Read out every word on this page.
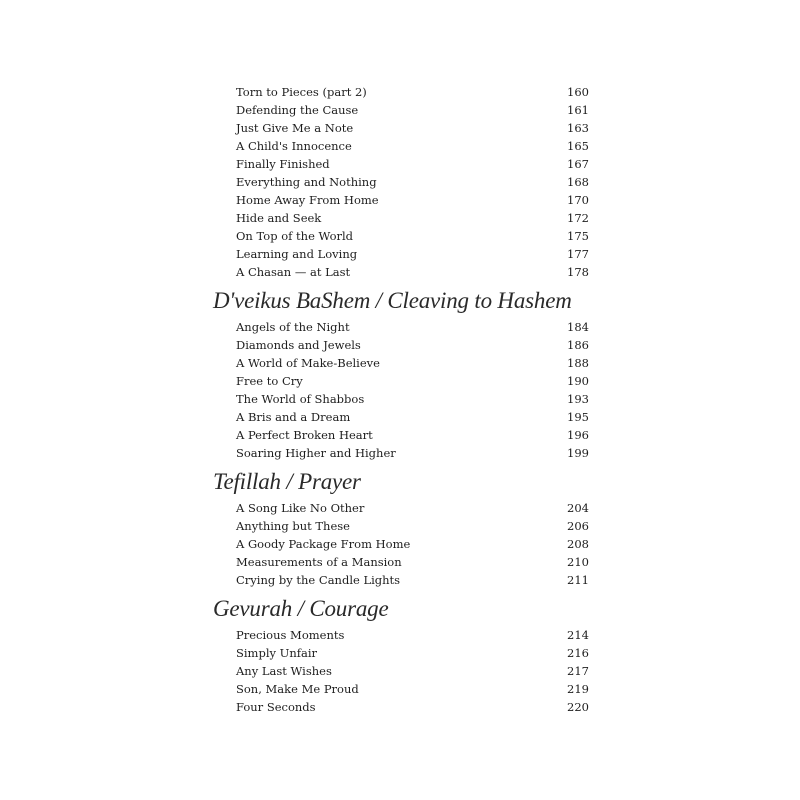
Torn to Pieces (part 2)	160
Defending the Cause	161
Just Give Me a Note	163
A Child's Innocence	165
Finally Finished	167
Everything and Nothing	168
Home Away From Home	170
Hide and Seek	172
On Top of the World	175
Learning and Loving	177
A Chasan — at Last	178
D'veikus BaShem / Cleaving to Hashem
Angels of the Night	184
Diamonds and Jewels	186
A World of Make-Believe	188
Free to Cry	190
The World of Shabbos	193
A Bris and a Dream	195
A Perfect Broken Heart	196
Soaring Higher and Higher	199
Tefillah / Prayer
A Song Like No Other	204
Anything but These	206
A Goody Package From Home	208
Measurements of a Mansion	210
Crying by the Candle Lights	211
Gevurah / Courage
Precious Moments	214
Simply Unfair	216
Any Last Wishes	217
Son, Make Me Proud	219
Four Seconds	220
